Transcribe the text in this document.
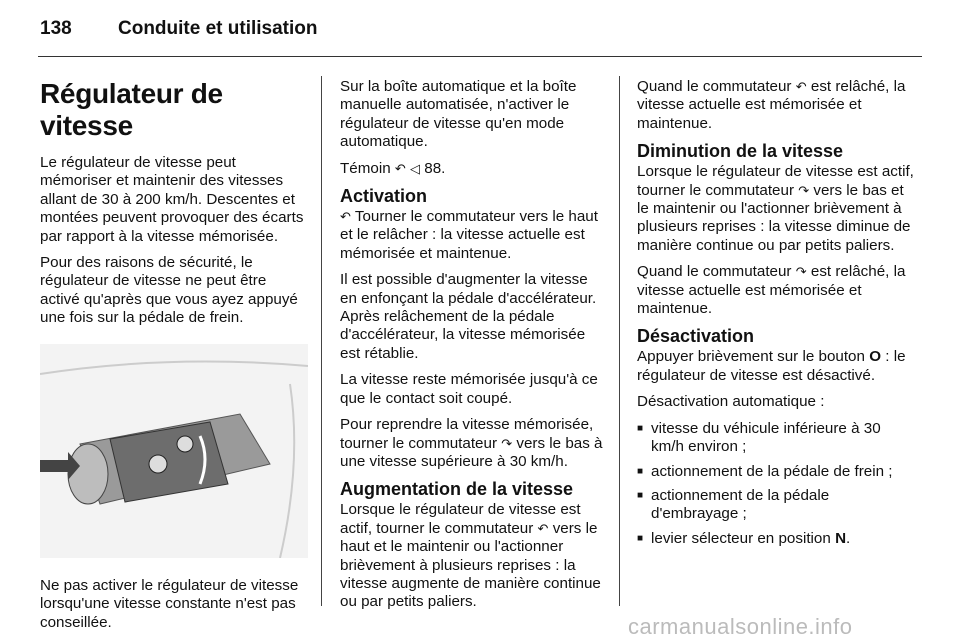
138 Conduite et utilisation
Régulateur de vitesse

Le régulateur de vitesse peut mémoriser et maintenir des vitesses allant de 30 à 200 km/h. Descentes et montées peuvent provoquer des écarts par rapport à la vitesse mémorisée.

Pour des raisons de sécurité, le régulateur de vitesse ne peut être activé qu'après que vous ayez appuyé une fois sur la pédale de frein.

Ne pas activer le régulateur de vitesse lorsqu'une vitesse constante n'est pas conseillée.

Sur la boîte automatique et la boîte manuelle automatisée, n'activer le régulateur de vitesse qu'en mode automatique.

Témoin ↶ ◁ 88.

Activation

↶ Tourner le commutateur vers le haut et le relâcher : la vitesse actuelle est mémorisée et maintenue.

Il est possible d'augmenter la vitesse en enfonçant la pédale d'accélérateur. Après relâchement de la pédale d'accélérateur, la vitesse mémorisée est rétablie.

La vitesse reste mémorisée jusqu'à ce que le contact soit coupé.

Pour reprendre la vitesse mémorisée, tourner le commutateur ↷ vers le bas à une vitesse supérieure à 30 km/h.

Augmentation de la vitesse

Lorsque le régulateur de vitesse est actif, tourner le commutateur ↶ vers le haut et le maintenir ou l'actionner brièvement à plusieurs reprises : la vitesse augmente de manière continue ou par petits paliers.

Quand le commutateur ↶ est relâché, la vitesse actuelle est mémorisée et maintenue.

Diminution de la vitesse

Lorsque le régulateur de vitesse est actif, tourner le commutateur ↷ vers le bas et le maintenir ou l'actionner brièvement à plusieurs reprises : la vitesse diminue de manière continue ou par petits paliers.

Quand le commutateur ↷ est relâché, la vitesse actuelle est mémorisée et maintenue.

Désactivation

Appuyer brièvement sur le bouton O : le régulateur de vitesse est désactivé.

Désactivation automatique :

■ vitesse du véhicule inférieure à 30 km/h environ ;
■ actionnement de la pédale de frein ;
■ actionnement de la pédale d'embrayage ;
■ levier sélecteur en position N.
carmanualsonline.info
